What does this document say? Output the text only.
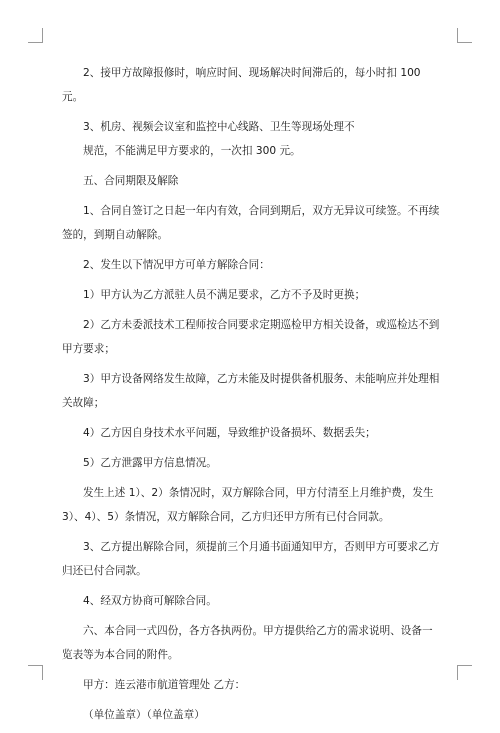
2、接甲方故障报修时，响应时间、现场解决时间滞后的，每小时扣 100 元。

3、机房、视频会议室和监控中心线路、卫生等现场处理不

规范，不能满足甲方要求的，一次扣 300 元。

五、合同期限及解除

1、合同自签订之日起一年内有效，合同到期后，双方无异议可续签。不再续签的，到期自动解除。

2、发生以下情况甲方可单方解除合同：

1）甲方认为乙方派驻人员不满足要求，乙方不予及时更换；

2）乙方未委派技术工程师按合同要求定期巡检甲方相关设备，或巡检达不到甲方要求；

3）甲方设备网络发生故障，乙方未能及时提供备机服务、未能响应并处理相关故障；

4）乙方因自身技术水平问题，导致维护设备损坏、数据丢失；

5）乙方泄露甲方信息情况。

发生上述 1）、2）条情况时，双方解除合同，甲方付清至上月维护费，发生 3）、4）、5）条情况，双方解除合同，乙方归还甲方所有已付合同款。

3、乙方提出解除合同，须提前三个月通书面通知甲方，否则甲方可要求乙方归还已付合同款。

4、经双方协商可解除合同。

六、本合同一式四份，各方各执两份。甲方提供给乙方的需求说明、设备一览表等为本合同的附件。

甲方：连云港市航道管理处 乙方：

（单位盖章）（单位盖章）
